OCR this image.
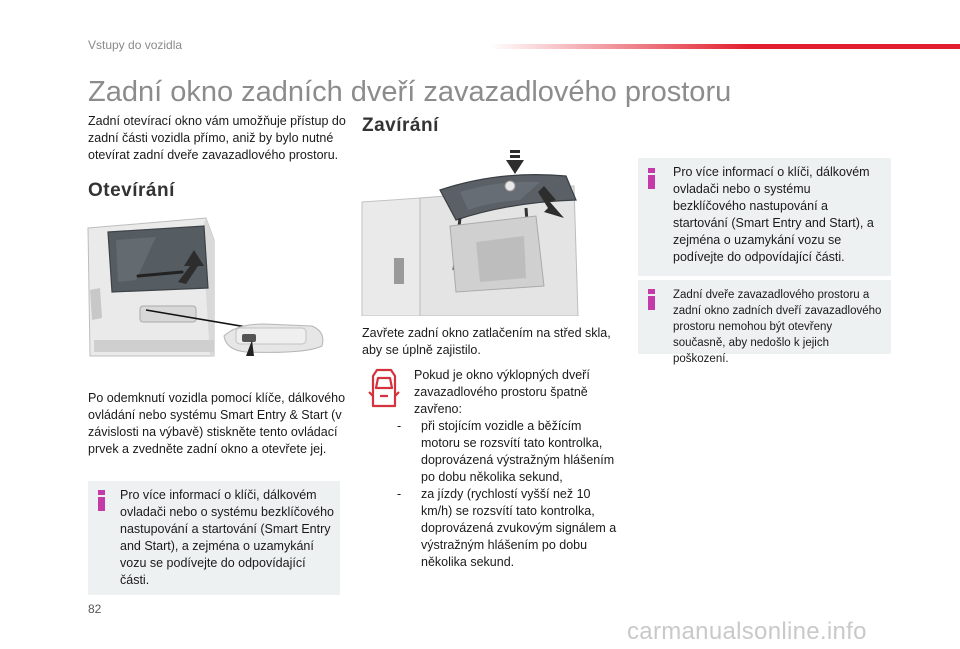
Vstupy do vozidla
Zadní okno zadních dveří zavazadlového prostoru

Zadní otevírací okno vám umožňuje přístup do zadní části vozidla přímo, aniž by bylo nutné otevírat zadní dveře zavazadlového prostoru.

Otevírání

Po odemknutí vozidla pomocí klíče, dálkového ovládání nebo systému Smart Entry & Start (v závislosti na výbavě) stiskněte tento ovládací prvek a zvedněte zadní okno a otevřete jej.

Pro více informací o klíči, dálkovém ovladači nebo o systému bezklíčového nastupování a startování (Smart Entry and Start), a zejména o uzamykání vozu se podívejte do odpovídající části.
Zavírání

Zavřete zadní okno zatlačením na střed skla, aby se úplně zajistilo.

Pokud je okno výklopných dveří zavazadlového prostoru špatně zavřeno:

- při stojícím vozidle a běžícím motoru se rozsvítí tato kontrolka, doprovázená výstražným hlášením po dobu několika sekund,
- za jízdy (rychlostí vyšší než 10 km/h) se rozsvítí tato kontrolka, doprovázená zvukovým signálem a výstražným hlášením po dobu několika sekund.
Pro více informací o klíči, dálkovém ovladači nebo o systému bezklíčového nastupování a startování (Smart Entry and Start), a zejména o uzamykání vozu se podívejte do odpovídající části.
Zadní dveře zavazadlového prostoru a zadní okno zadních dveří zavazadlového prostoru nemohou být otevřeny současně, aby nedošlo k jejich poškození.
82
carmanualsonline.info
